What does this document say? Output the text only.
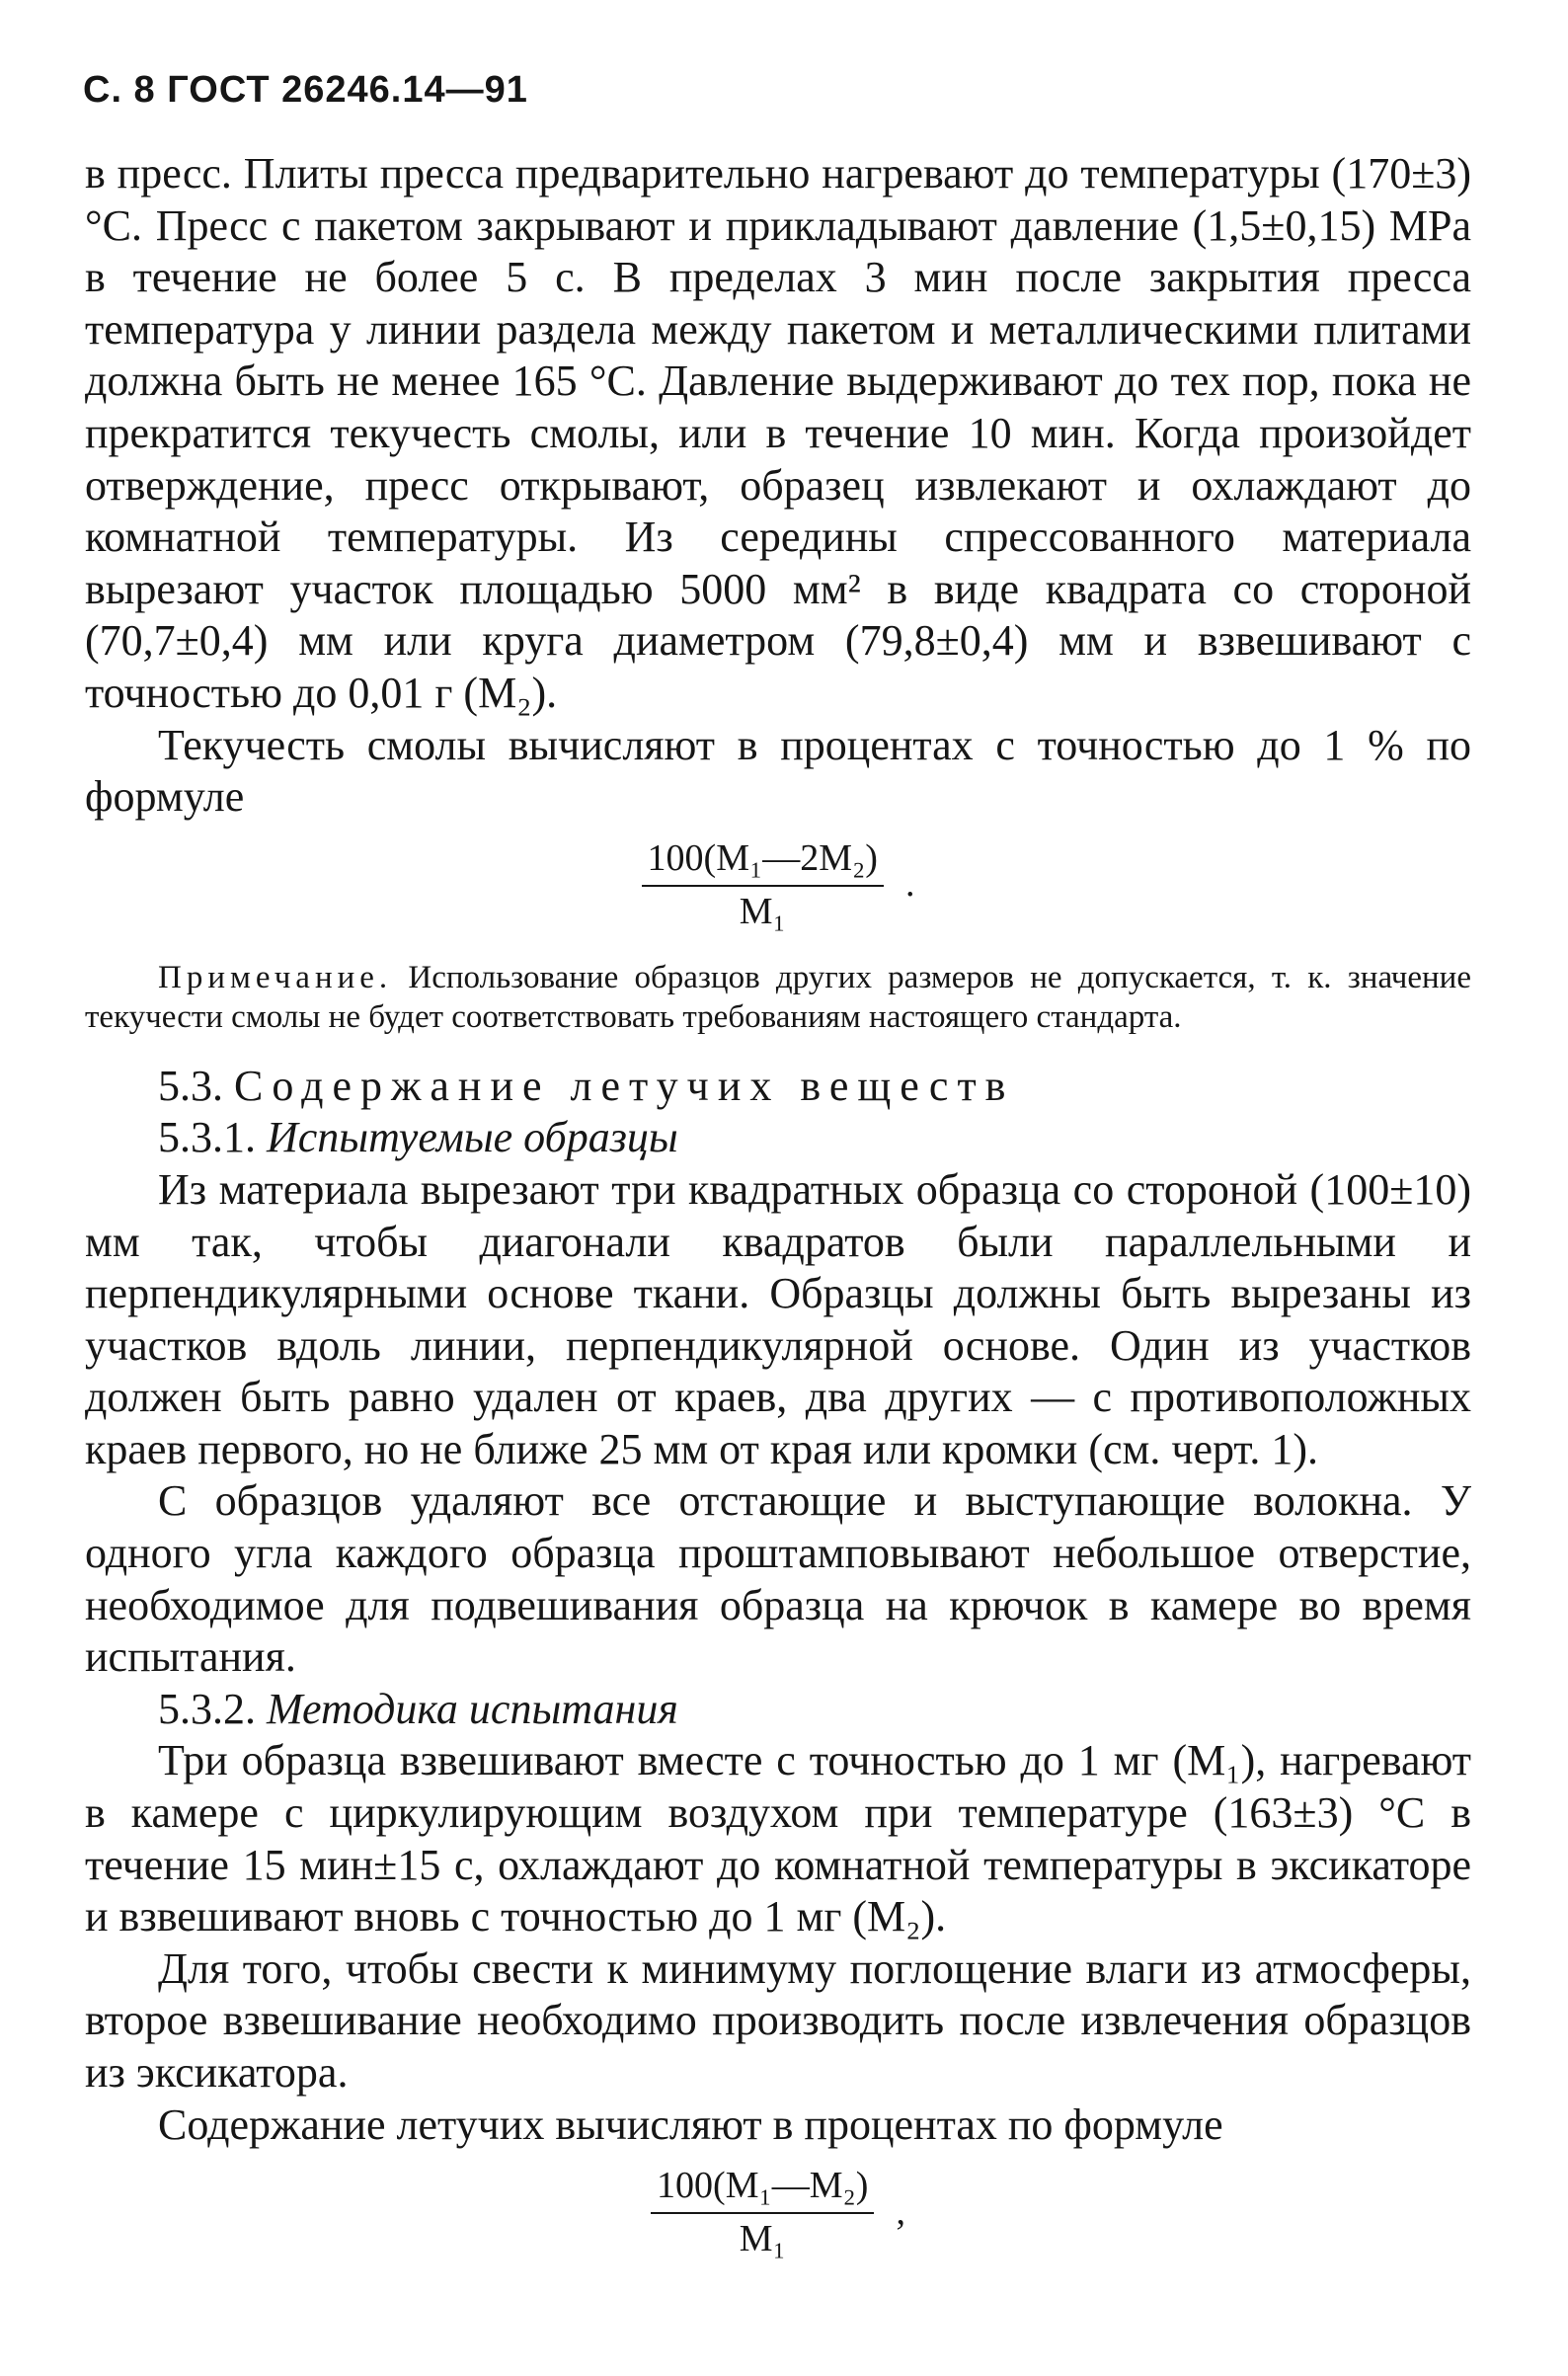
С. 8 ГОСТ 26246.14—91

в пресс. Плиты пресса предварительно нагревают до температуры (170±3) °С. Пресс с пакетом закрывают и прикладывают давление (1,5±0,15) МРа в течение не более 5 с. В пределах 3 мин после закрытия пресса температура у линии раздела между пакетом и металлическими плитами должна быть не менее 165 °С. Давление выдерживают до тех пор, пока не прекратится текучесть смолы, или в течение 10 мин. Когда произойдет отверждение, пресс открывают, образец извлекают и охлаждают до комнатной температуры. Из середины спрессованного материала вырезают участок площадью 5000 мм² в виде квадрата со стороной (70,7±0,4) мм или круга диаметром (79,8±0,4) мм и взвешивают с точностью до 0,01 г (M₂).

Текучесть смолы вычисляют в процентах с точностью до 1 % по формуле

$\frac{\text{100(M₁—2M₂)}}{\text{M₁}}$ .

Примечание. Использование образцов других размеров не допускается, т. к. значение текучести смолы не будет соответствовать требованиям настоящего стандарта.

5.3. Содержание летучих веществ

5.3.1. Испытуемые образцы

Из материала вырезают три квадратных образца со стороной (100±10) мм так, чтобы диагонали квадратов были параллельными и перпендикулярными основе ткани. Образцы должны быть вырезаны из участков вдоль линии, перпендикулярной основе. Один из участков должен быть равно удален от краев, два других — с противоположных краев первого, но не ближе 25 мм от края или кромки (см. черт. 1).

С образцов удаляют все отстающие и выступающие волокна. У одного угла каждого образца проштамповывают небольшое отверстие, необходимое для подвешивания образца на крючок в камере во время испытания.

5.3.2. Методика испытания

Три образца взвешивают вместе с точностью до 1 мг (M₁), нагревают в камере с циркулирующим воздухом при температуре (163±3) °С в течение 15 мин±15 с, охлаждают до комнатной температуры в эксикаторе и взвешивают вновь с точностью до 1 мг (M₂).

Для того, чтобы свести к минимуму поглощение влаги из атмосферы, второе взвешивание необходимо производить после извлечения образцов из эксикатора.

Содержание летучих вычисляют в процентах по формуле

$\frac{\text{100(M₁—M₂)}}{\text{M₁}}$ ,
